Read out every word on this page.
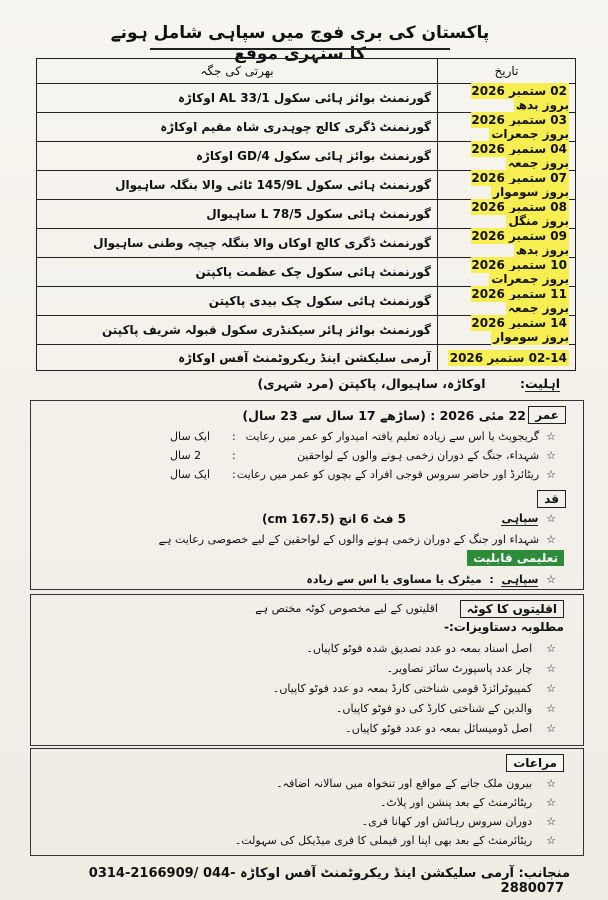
پاکستان کی بری فوج میں سپاہی شامل ہونے کا سنہری موقع
تاریخ	بھرتی کی جگہ
02 ستمبر 2026 بروز بدھ	گورنمنٹ بوائز ہائی سکول 33/1 AL اوکاڑہ
03 ستمبر 2026 بروز جمعرات	گورنمنٹ ڈگری کالج چوہدری شاہ مقیم اوکاڑہ
04 ستمبر 2026 بروز جمعہ	گورنمنٹ بوائز ہائی سکول 4/GD اوکاڑہ
07 ستمبر 2026 بروز سوموار	گورنمنٹ ہائی سکول 145/9L ٹائی والا بنگلہ ساہیوال
08 ستمبر 2026 بروز منگل	گورنمنٹ ہائی سکول 78/5 L ساہیوال
09 ستمبر 2026 بروز بدھ	گورنمنٹ ڈگری کالج اوکاں والا بنگلہ چیچہ وطنی ساہیوال
10 ستمبر 2026 بروز جمعرات	گورنمنٹ ہائی سکول چک عظمت پاکپتن
11 ستمبر 2026 بروز جمعہ	گورنمنٹ ہائی سکول چک بیدی پاکپتن
14 ستمبر 2026 بروز سوموار	گورنمنٹ بوائز ہائر سیکنڈری سکول قبولہ شریف پاکپتن
02-14 ستمبر 2026	آرمی سلیکشن اینڈ ریکروٹمنٹ آفس اوکاڑہ
اہلیت: اوکاڑہ، ساہیوال، پاکپتن (مرد شہری)
عمر
22 مئی 2026 : (ساڑھے 17 سال سے 23 سال)
☆  گریجویٹ یا اس سے زیادہ تعلیم یافتہ امیدوار کو عمر میں رعایت
ایک سال :
☆  شہداء، جنگ کے دوران زخمی ہونے والوں کے لواحقین
2 سال	:
☆  ریٹائرڈ اور حاضر سروس فوجی افراد کے بچوں کو عمر میں رعایت
ایک سال :
قد
☆  سپاہی
5 فٹ 6 انچ (167.5 cm)
☆  شہداء اور جنگ کے دوران زخمی ہونے والوں کے لواحقین کے لیے خصوصی رعایت ہے
تعلیمی قابلیت
☆  سپاہی  :  میٹرک یا مساوی یا اس سے زیادہ
اقلیتوں کا کوٹہ
اقلیتوں کے لیے مخصوص کوٹہ مختص ہے
مطلوبہ دستاویزات:-
☆    اصل اسناد بمعہ دو عدد تصدیق شدہ فوٹو کاپیاں۔
☆    چار عدد پاسپورٹ سائز تصاویر۔
☆    کمپیوٹرائزڈ قومی شناختی کارڈ بمعہ دو عدد فوٹو کاپیاں۔
☆    والدین کے شناختی کارڈ کی دو فوٹو کاپیاں۔
☆    اصل ڈومیسائل بمعہ دو عدد فوٹو کاپیاں۔
مراعات
☆    بیرون ملک جانے کے مواقع اور تنخواہ میں سالانہ اضافہ۔
☆    ریٹائرمنٹ کے بعد پنشن اور پلاٹ۔
☆    دوران سروس رہائش اور کھانا فری۔
☆    ریٹائرمنٹ کے بعد بھی اپنا اور فیملی کا فری میڈیکل کی سہولت۔
منجانب: آرمی سلیکشن اینڈ ریکروٹمنٹ آفس اوکاڑہ 0314-2166909/ 044-2880077
